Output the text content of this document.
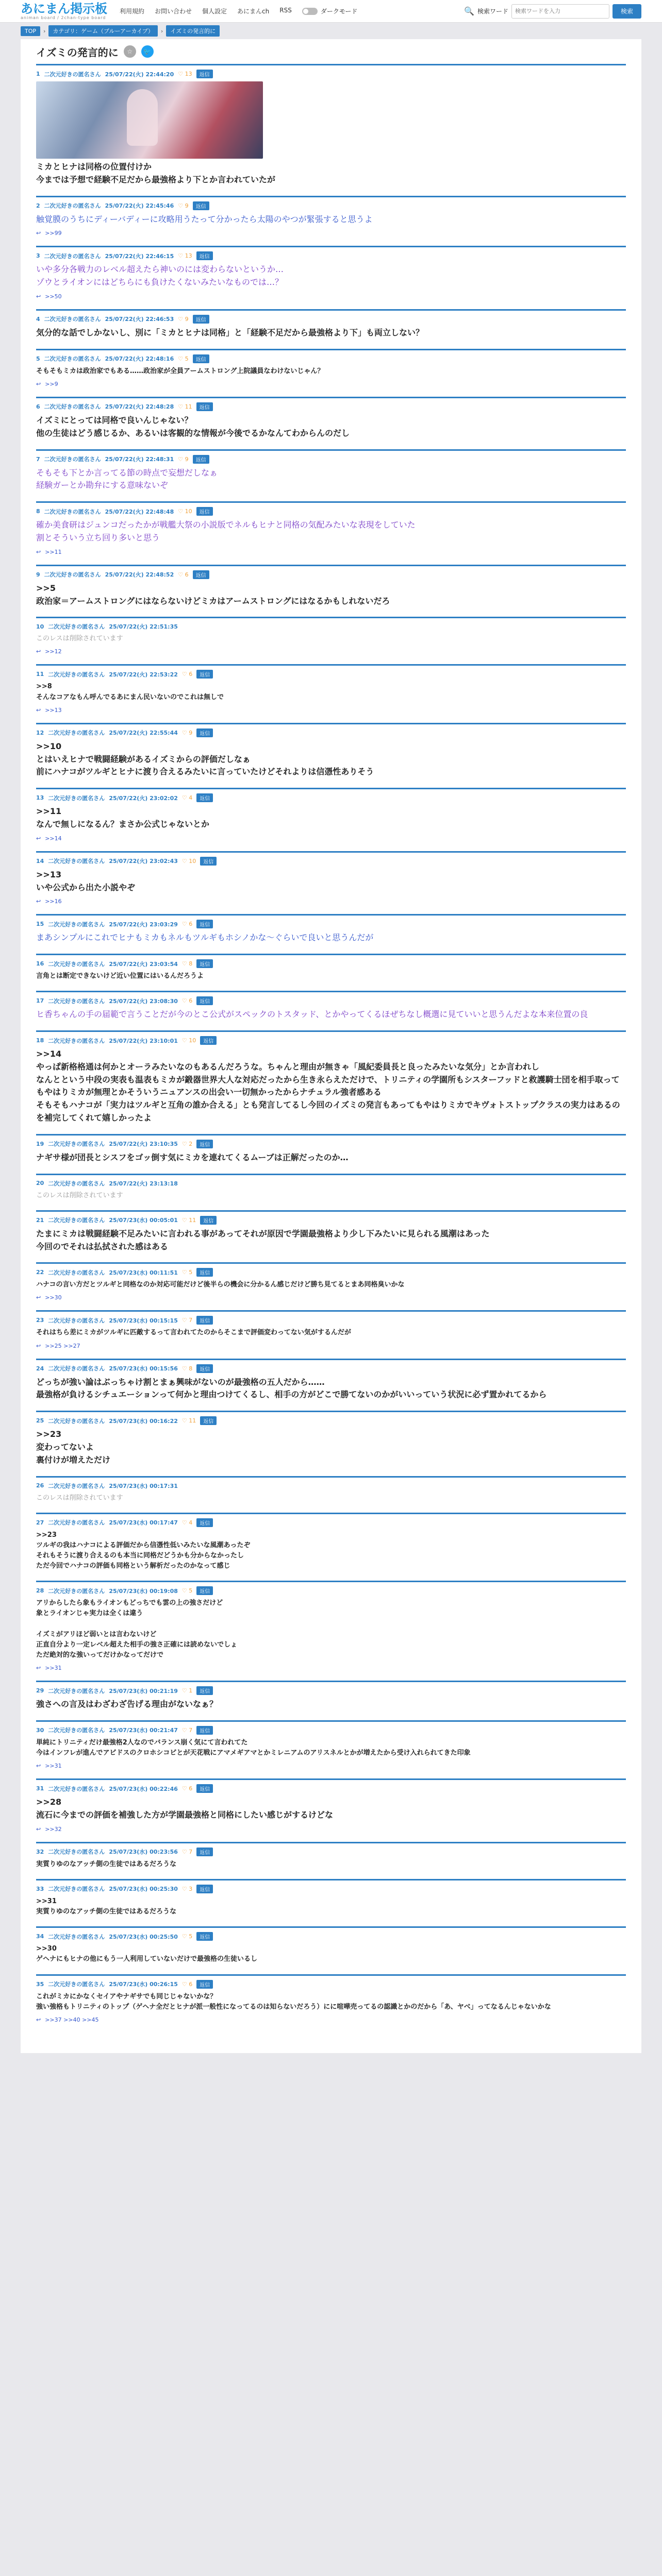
あにまん掲示板
animan board / 2chan-type board
利用規約 お問い合わせ 個人設定 あにまんch RSS	ダークモード	🔍 検索ワード
検索ワードを入力	検索
TOP	›	カテゴリ：ゲーム（ブルーアーカイブ）	›	イズミの発言的に
イズミの発言的に	☆	🐦
1 二次元好きの匿名さん 25/07/22(火) 22:44:20 ♡ 13	返信
ミカとヒナは同格の位置付けか
今までは予想で経験不足だから最強格より下とか言われていたが
2 二次元好きの匿名さん 25/07/22(火) 22:45:46 ♡ 9	返信
触覚膜のうちにディーバディーに攻略用うたって分かったら太陽のやつが緊張すると思うよ
↩ >>99
3 二次元好きの匿名さん 25/07/22(火) 22:46:15 ♡ 13	返信
いや多分各戦力のレベル超えたら神いのには変わらないというか…
ゾウとライオンにはどちらにも負けたくないみたいなものでは…？
↩ >>50
4 二次元好きの匿名さん 25/07/22(火) 22:46:53 ♡ 9	返信
気分的な話でしかないし、別に「ミカとヒナは同格」と「経験不足だから最強格より下」も両立しない？
5 二次元好きの匿名さん 25/07/22(火) 22:48:16 ♡ 5	返信
そもそもミカは政治家でもある……政治家が全員アームストロング上院議員なわけないじゃん？
↩ >>9
6 二次元好きの匿名さん 25/07/22(火) 22:48:28 ♡ 11	返信
イズミにとっては同格で良いんじゃない？
他の生徒はどう感じるか、あるいは客観的な情報が今後でるかなんてわからんのだし
7 二次元好きの匿名さん 25/07/22(火) 22:48:31 ♡ 9	返信
そもそも下とか言ってる節の時点で妄想だしなぁ
経験ガーとか勘弁にする意味ないぞ
8 二次元好きの匿名さん 25/07/22(火) 22:48:48 ♡ 10	返信
確か美食研はジュンコだったかが戦艦大祭の小説版でネルもヒナと同格の気配みたいな表現をしていた
割とそういう立ち回り多いと思う
↩ >>11
9 二次元好きの匿名さん 25/07/22(火) 22:48:52 ♡ 6	返信
>>5
政治家＝アームストロングにはならないけどミカはアームストロングにはなるかもしれないだろ
10 二次元好きの匿名さん 25/07/22(火) 22:51:35
このレスは削除されています
↩ >>12
11 二次元好きの匿名さん 25/07/22(火) 22:53:22 ♡ 6	返信
>>8
そんなコアなもん呼んでるあにまん民いないのでこれは無しで
↩ >>13
12 二次元好きの匿名さん 25/07/22(火) 22:55:44 ♡ 9	返信
>>10
とはいえヒナで戦闘経験があるイズミからの評価だしなぁ
前にハナコがツルギとヒナに渡り合えるみたいに言っていたけどそれよりは信憑性ありそう
13 二次元好きの匿名さん 25/07/22(火) 23:02:02 ♡ 4	返信
>>11
なんで無しになるん？まさか公式じゃないとか
↩ >>14
14 二次元好きの匿名さん 25/07/22(火) 23:02:43 ♡ 10	返信
>>13
いや公式から出た小説やぞ
↩ >>16
15 二次元好きの匿名さん 25/07/22(火) 23:03:29 ♡ 6	返信
まあシンプルにこれでヒナもミカもネルもツルギもホシノかな〜ぐらいで良いと思うんだが
16 二次元好きの匿名さん 25/07/22(火) 23:03:54 ♡ 8	返信
言角とは断定できないけど近い位置にはいるんだろうよ
17 二次元好きの匿名さん 25/07/22(火) 23:08:30 ♡ 6	返信
ヒ香ちゃんの手の届範で言うことだが今のとこ公式がスペックのトスタッド、とかやってくるほぜちなし概選に見ていいと思うんだよな本来位置の良
18 二次元好きの匿名さん 25/07/22(火) 23:10:01 ♡ 10	返信
>>14
やっぱ新格格通は何かとオーラみたいなのもあるんだろうな。ちゃんと理由が無きゃ「風紀委員長と良ったみたいな気分」とか言われし
なんとという中段の実表も温表もミカが鍛器世界大人な対応だったから生き永らえただけで、トリニティの学園所もシスターフッドと救護騎士団を相手取ってもやはりミカが無理とかそういうニュアンスの出会い一切無かったからナチュラル強者感ある
そもそもハナコが「実力はツルギと互角の誰か合える」とも発言してるし今回のイズミの発言もあってもやはりミカでキヴォトストップクラスの実力はあるのを補完してくれて嬉しかったよ
19 二次元好きの匿名さん 25/07/22(火) 23:10:35 ♡ 2	返信
ナギサ様が団長とシスフをゴッ倒す気にミカを連れてくるムーブは正解だったのか…
20 二次元好きの匿名さん 25/07/22(火) 23:13:18
このレスは削除されています
21 二次元好きの匿名さん 25/07/23(水) 00:05:01 ♡ 11	返信
たまにミカは戦闘経験不足みたいに言われる事があってそれが原因で学園最強格より少し下みたいに見られる風潮はあった
今回のでそれは払拭された感はある
22 二次元好きの匿名さん 25/07/23(水) 00:11:51 ♡ 5	返信
ハナコの言い方だとツルギと同格なのか対応可能だけど後半らの機会に分かるん感じだけど勝ち見てるとまあ同格臭いかな
↩ >>30
23 二次元好きの匿名さん 25/07/23(水) 00:15:15 ♡ 7	返信
それはちら差にミカがツルギに匹敵するって言われてたのからそこまで評価変わってない気がするんだが
↩ >>25 >>27
24 二次元好きの匿名さん 25/07/23(水) 00:15:56 ♡ 8	返信
どっちが強い論はぶっちゃけ割とまぁ興味がないのが最強格の五人だから……
最強格が負けるシチュエーションって何かと理由つけてくるし、相手の方がどこで勝てないのかがいいっていう状況に必ず置かれてるから
25 二次元好きの匿名さん 25/07/23(水) 00:16:22 ♡ 11	返信
>>23
変わってないよ
裏付けが増えただけ
26 二次元好きの匿名さん 25/07/23(水) 00:17:31
このレスは削除されています
27 二次元好きの匿名さん 25/07/23(水) 00:17:47 ♡ 4	返信
>>23
ツルギの我はハナコによる評価だから信憑性低いみたいな風潮あったぞ
それもそうに渡り合えるのも本当に同格だどうかも分からなかったし
ただ今回でハナコの評価も同格という解析だったのかなって感じ
28 二次元好きの匿名さん 25/07/23(水) 00:19:08 ♡ 5	返信
アリからしたら象もライオンもどっちでも雲の上の強さだけど
象とライオンじゃ実力は全くは違う

イズミがアリほど弱いとは言わないけど
正直自分より一定レベル超えた相手の強さ正確には読めないでしょ
ただ絶対的な強いってだけかなってだけで
↩ >>31
29 二次元好きの匿名さん 25/07/23(水) 00:21:19 ♡ 1	返信
強さへの言及はわざわざ告げる理由がないなぁ？
30 二次元好きの匿名さん 25/07/23(水) 00:21:47 ♡ 7	返信
単純にトリニティだけ最強格2人なのでバランス崩く気にて言われてた
今はインフレが進んでアビドスのクロホシコビとが天花戦にアマメギアマとかミレニアムのアリスネルとかが増えたから受け入れられてきた印象
↩ >>31
31 二次元好きの匿名さん 25/07/23(水) 00:22:46 ♡ 6	返信
>>28
流石に今までの評価を補強した方が学園最強格と同格にしたい感じがするけどな
↩ >>32
32 二次元好きの匿名さん 25/07/23(水) 00:23:56 ♡ 7	返信
実質りゆのなアッチ側の生徒ではあるだろうな
33 二次元好きの匿名さん 25/07/23(水) 00:25:30 ♡ 3	返信
>>31
実質りゆのなアッチ側の生徒ではあるだろうな
34 二次元好きの匿名さん 25/07/23(水) 00:25:50 ♡ 5	返信
>>30
ゲヘナにもヒナの他にもう一人利用していないだけで最強格の生徒いるし
35 二次元好きの匿名さん 25/07/23(水) 00:26:15 ♡ 6	返信
これがミカにかなくセイアやナギサでも同じじゃないかな？
強い強格もトリニティのトップ（ゲヘナ全だとヒナが派一般性になってるのは知らないだろう）にに喧嘩売ってるの認識とかのだから「あ、ヤべ」ってなるんじゃないかな
↩ >>37 >>40 >>45
